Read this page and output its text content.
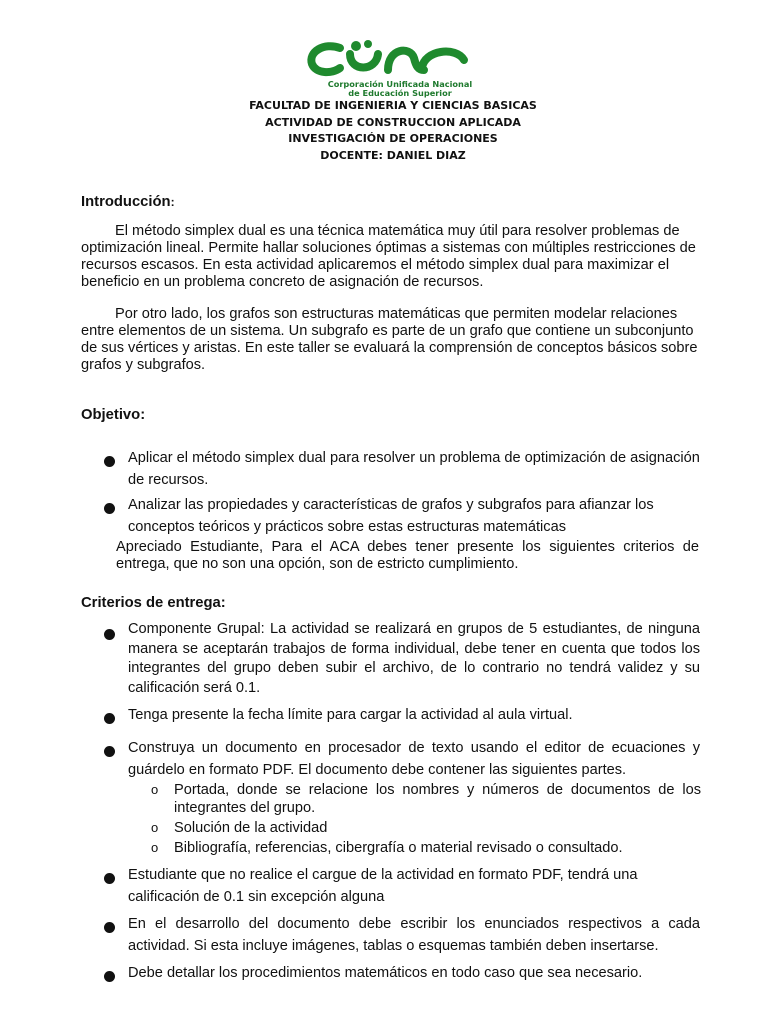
Corporación Unificada Nacional
de Educación Superior
FACULTAD DE INGENIERIA Y CIENCIAS BASICAS
ACTIVIDAD DE CONSTRUCCION APLICADA
INVESTIGACIÓN DE OPERACIONES
DOCENTE: DANIEL DIAZ
Introducción:
El método simplex dual es una técnica matemática muy útil para resolver problemas de optimización lineal. Permite hallar soluciones óptimas a sistemas con múltiples restricciones de recursos escasos. En esta actividad aplicaremos el método simplex dual para maximizar el beneficio en un problema concreto de asignación de recursos.
Por otro lado, los grafos son estructuras matemáticas que permiten modelar relaciones entre elementos de un sistema. Un subgrafo es parte de un grafo que contiene un subconjunto de sus vértices y aristas. En este taller se evaluará la comprensión de conceptos básicos sobre grafos y subgrafos.
Objetivo:
Aplicar el método simplex dual para resolver un problema de optimización de asignación de recursos.
Analizar las propiedades y características de grafos y subgrafos para afianzar los conceptos teóricos y prácticos sobre estas estructuras matemáticas
Apreciado Estudiante, Para el ACA debes tener presente los siguientes criterios de entrega, que no son una opción, son de estricto cumplimiento.
Criterios de entrega:
Componente Grupal: La actividad se realizará en grupos de 5 estudiantes, de ninguna manera se aceptarán trabajos de forma individual, debe tener en cuenta que todos los integrantes del grupo deben subir el archivo, de lo contrario no tendrá validez y su calificación será 0.1.
Tenga presente la fecha límite para cargar la actividad al aula virtual.
Construya un documento en procesador de texto usando el editor de ecuaciones y guárdelo en formato PDF. El documento debe contener las siguientes partes.
o Portada, donde se relacione los nombres y números de documentos de los integrantes del grupo.
o Solución de la actividad
o Bibliografía, referencias, cibergrafía o material revisado o consultado.
Estudiante que no realice el cargue de la actividad en formato PDF, tendrá una calificación de 0.1 sin excepción alguna
En el desarrollo del documento debe escribir los enunciados respectivos a cada actividad. Si esta incluye imágenes, tablas o esquemas también deben insertarse.
Debe detallar los procedimientos matemáticos en todo caso que sea necesario.
